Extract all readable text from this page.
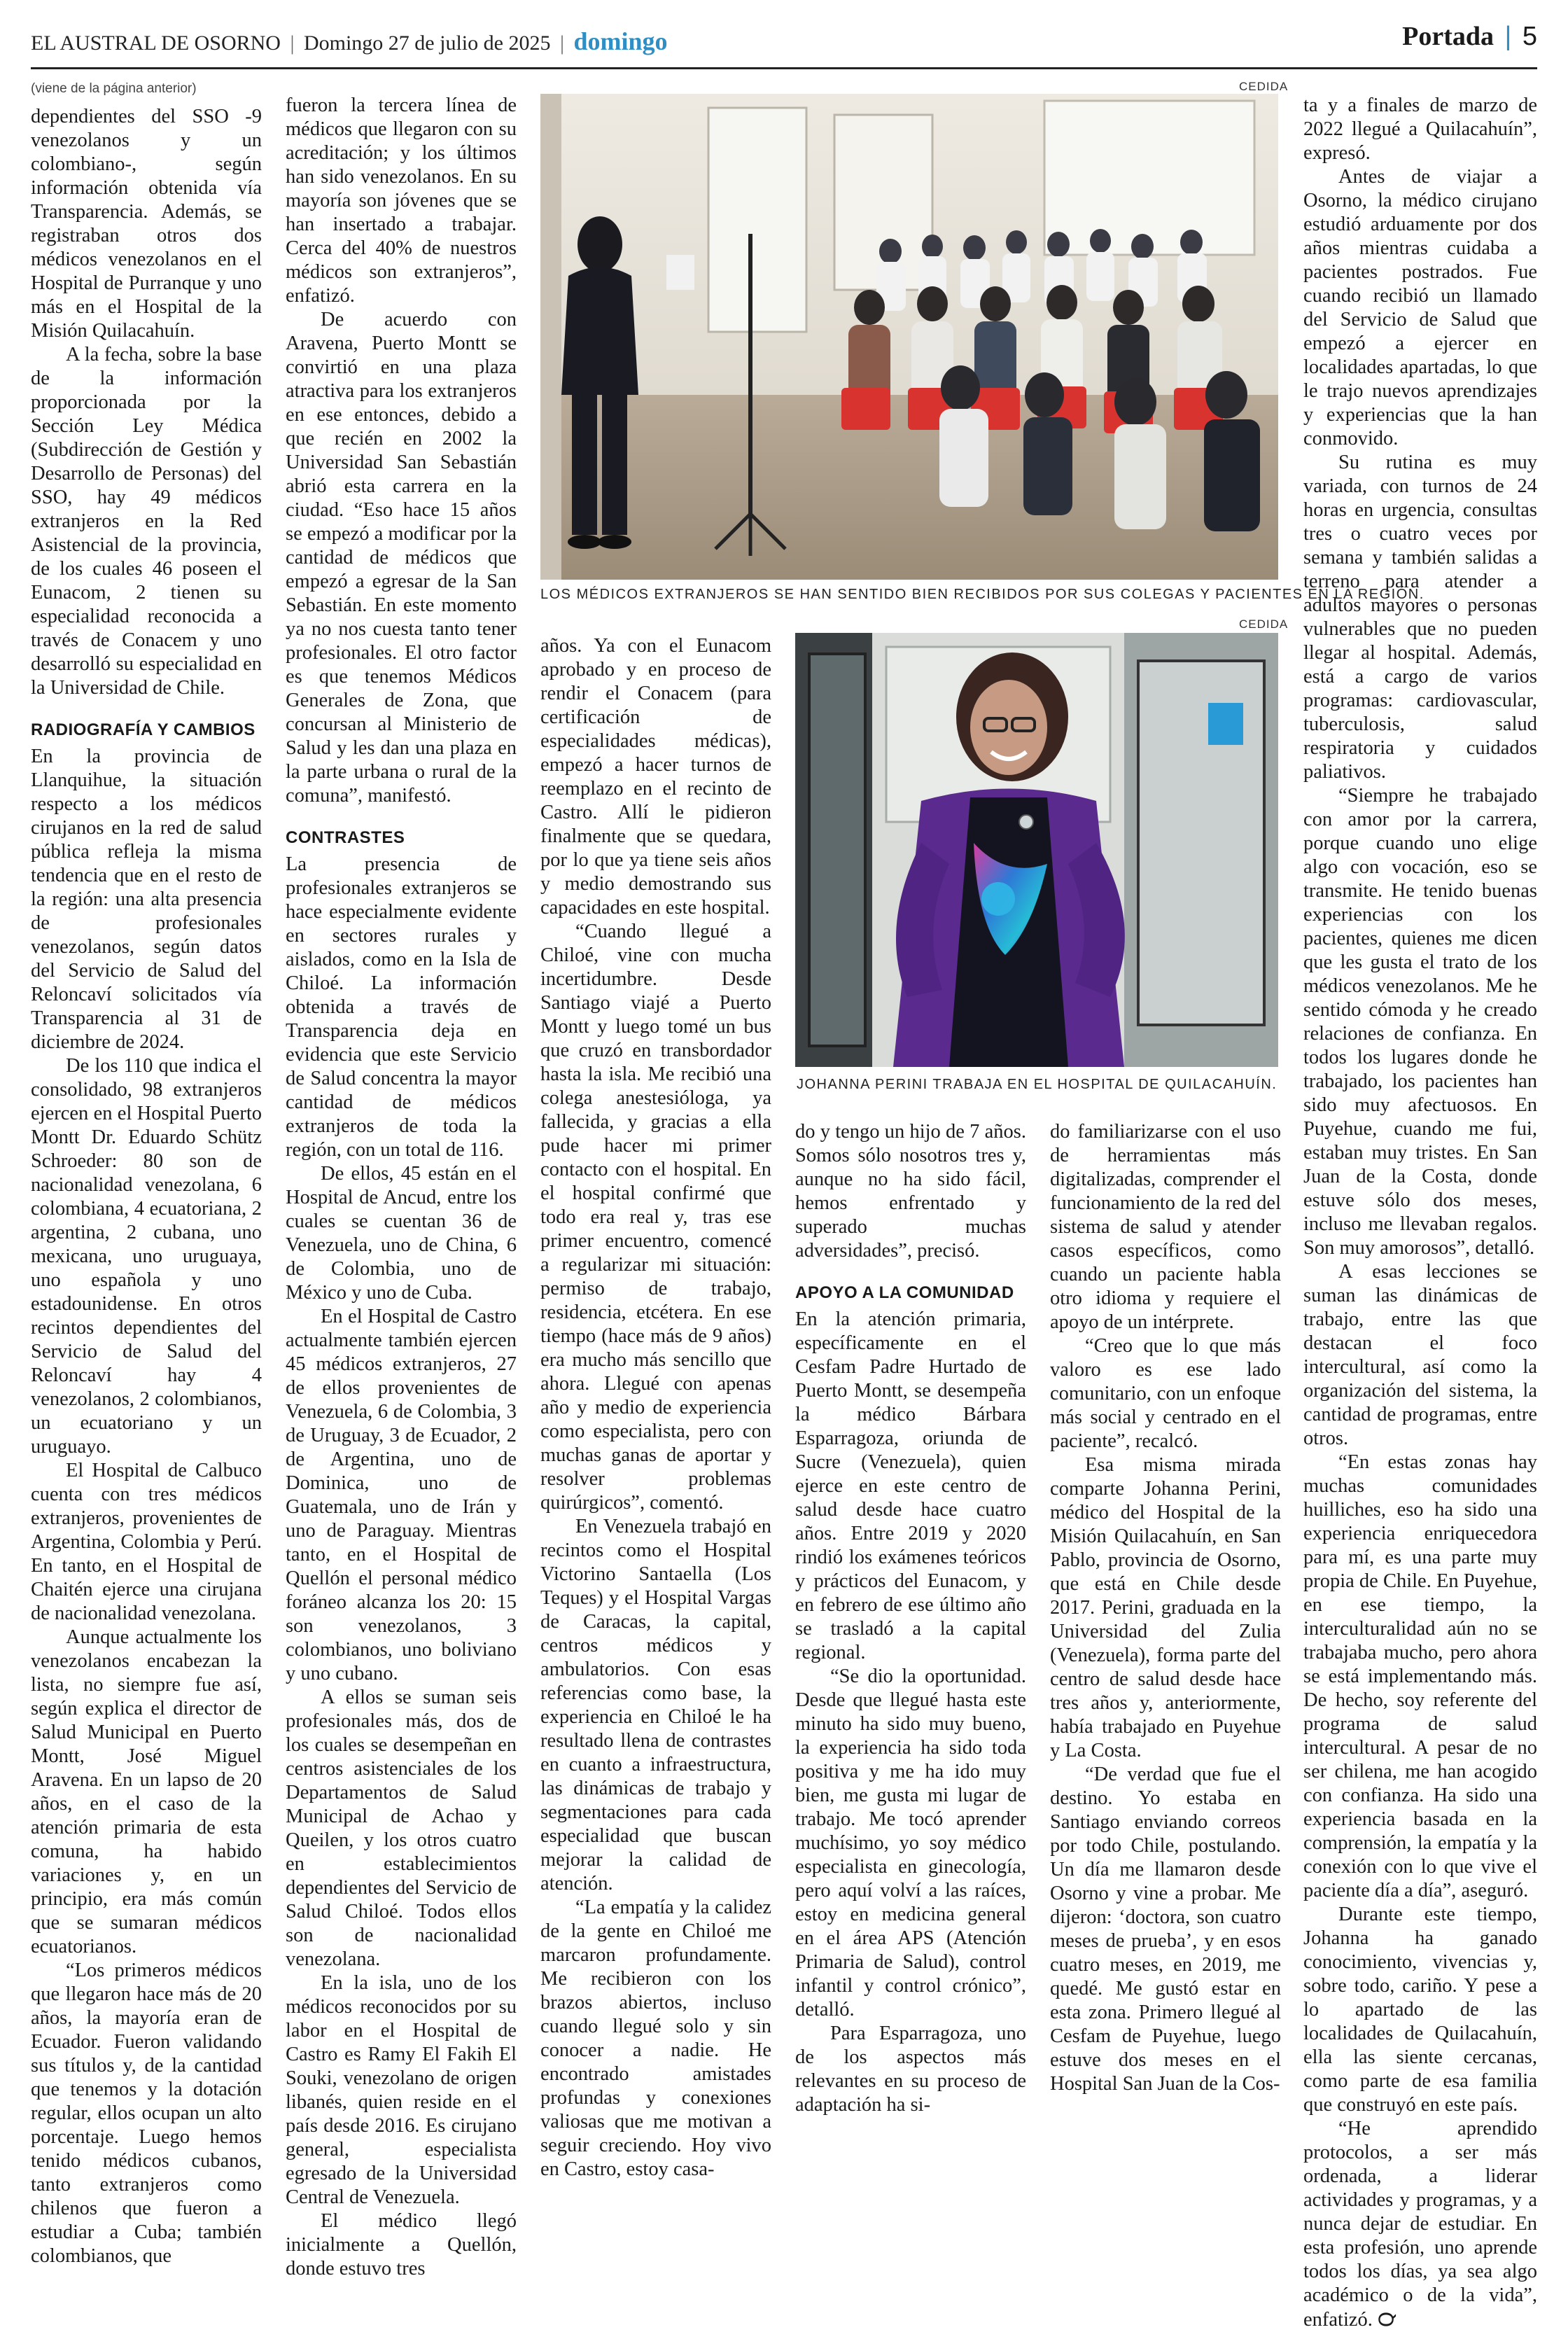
EL AUSTRAL DE OSORNO | Domingo 27 de julio de 2025 | domingo	Portada | 5
(viene de la página anterior)

dependientes del SSO -9 venezolanos y un colombiano-, según información obtenida vía Transparencia. Además, se registraban otros dos médicos venezolanos en el Hospital de Purranque y uno más en el Hospital de la Misión Quilacahuín.

A la fecha, sobre la base de la información proporcionada por la Sección Ley Médica (Subdirección de Gestión y Desarrollo de Personas) del SSO, hay 49 médicos extranjeros en la Red Asistencial de la provincia, de los cuales 46 poseen el Eunacom, 2 tienen su especialidad reconocida a través de Conacem y uno desarrolló su especialidad en la Universidad de Chile.

RADIOGRAFÍA Y CAMBIOS

En la provincia de Llanquihue, la situación respecto a los médicos cirujanos en la red de salud pública refleja la misma tendencia que en el resto de la región: una alta presencia de profesionales venezolanos, según datos del Servicio de Salud del Reloncaví solicitados vía Transparencia al 31 de diciembre de 2024.

De los 110 que indica el consolidado, 98 extranjeros ejercen en el Hospital Puerto Montt Dr. Eduardo Schütz Schroeder: 80 son de nacionalidad venezolana, 6 colombiana, 4 ecuatoriana, 2 argentina, 2 cubana, uno mexicana, uno uruguaya, uno española y uno estadounidense. En otros recintos dependientes del Servicio de Salud del Reloncaví hay 4 venezolanos, 2 colombianos, un ecuatoriano y un uruguayo.

El Hospital de Calbuco cuenta con tres médicos extranjeros, provenientes de Argentina, Colombia y Perú. En tanto, en el Hospital de Chaitén ejerce una cirujana de nacionalidad venezolana.

Aunque actualmente los venezolanos encabezan la lista, no siempre fue así, según explica el director de Salud Municipal en Puerto Montt, José Miguel Aravena. En un lapso de 20 años, en el caso de la atención primaria de esta comuna, ha habido variaciones y, en un principio, era más común que se sumaran médicos ecuatorianos.

“Los primeros médicos que llegaron hace más de 20 años, la mayoría eran de Ecuador. Fueron validando sus títulos y, de la cantidad que tenemos y la dotación regular, ellos ocupan un alto porcentaje. Luego hemos tenido médicos cubanos, tanto extranjeros como chilenos que fueron a estudiar a Cuba; también colombianos, que

fueron la tercera línea de médicos que llegaron con su acreditación; y los últimos han sido venezolanos. En su mayoría son jóvenes que se han insertado a trabajar. Cerca del 40% de nuestros médicos son extranjeros”, enfatizó.

De acuerdo con Aravena, Puerto Montt se convirtió en una plaza atractiva para los extranjeros en ese entonces, debido a que recién en 2002 la Universidad San Sebastián abrió esta carrera en la ciudad. “Eso hace 15 años se empezó a modificar por la cantidad de médicos que empezó a egresar de la San Sebastián. En este momento ya no nos cuesta tanto tener profesionales. El otro factor es que tenemos Médicos Generales de Zona, que concursan al Ministerio de Salud y les dan una plaza en la parte urbana o rural de la comuna”, manifestó.

CONTRASTES

La presencia de profesionales extranjeros se hace especialmente evidente en sectores rurales y aislados, como en la Isla de Chiloé. La información obtenida a través de Transparencia deja en evidencia que este Servicio de Salud concentra la mayor cantidad de médicos extranjeros de toda la región, con un total de 116.

De ellos, 45 están en el Hospital de Ancud, entre los cuales se cuentan 36 de Venezuela, uno de China, 6 de Colombia, uno de México y uno de Cuba.

En el Hospital de Castro actualmente también ejercen 45 médicos extranjeros, 27 de ellos provenientes de Venezuela, 6 de Colombia, 3 de Uruguay, 3 de Ecuador, 2 de Argentina, uno de Dominica, uno de Guatemala, uno de Irán y uno de Paraguay. Mientras tanto, en el Hospital de Quellón el personal médico foráneo alcanza los 20: 15 son venezolanos, 3 colombianos, uno boliviano y uno cubano.

A ellos se suman seis profesionales más, dos de los cuales se desempeñan en centros asistenciales de los Departamentos de Salud Municipal de Achao y Queilen, y los otros cuatro en establecimientos dependientes del Servicio de Salud Chiloé. Todos ellos son de nacionalidad venezolana.

En la isla, uno de los médicos reconocidos por su labor en el Hospital de Castro es Ramy El Fakih El Souki, venezolano de origen libanés, quien reside en el país desde 2016. Es cirujano general, especialista egresado de la Universidad Central de Venezuela.

El médico llegó inicialmente a Quellón, donde estuvo tres

CEDIDA
LOS MÉDICOS EXTRANJEROS SE HAN SENTIDO BIEN RECIBIDOS POR SUS COLEGAS Y PACIENTES EN LA REGIÓN.

años. Ya con el Eunacom aprobado y en proceso de rendir el Conacem (para certificación de especialidades médicas), empezó a hacer turnos de reemplazo en el recinto de Castro. Allí le pidieron finalmente que se quedara, por lo que ya tiene seis años y medio demostrando sus capacidades en este hospital.

“Cuando llegué a Chiloé, vine con mucha incertidumbre. Desde Santiago viajé a Puerto Montt y luego tomé un bus que cruzó en transbordador hasta la isla. Me recibió una colega anestesióloga, ya fallecida, y gracias a ella pude hacer mi primer contacto con el hospital. En el hospital confirmé que todo era real y, tras ese primer encuentro, comencé a regularizar mi situación: permiso de trabajo, residencia, etcétera. En ese tiempo (hace más de 9 años) era mucho más sencillo que ahora. Llegué con apenas año y medio de experiencia como especialista, pero con muchas ganas de aportar y resolver problemas quirúrgicos”, comentó.

En Venezuela trabajó en recintos como el Hospital Victorino Santaella (Los Teques) y el Hospital Vargas de Caracas, la capital, centros médicos y ambulatorios. Con esas referencias como base, la experiencia en Chiloé le ha resultado llena de contrastes en cuanto a infraestructura, las dinámicas de trabajo y segmentaciones para cada especialidad que buscan mejorar la calidad de atención.

“La empatía y la calidez de la gente en Chiloé me marcaron profundamente. Me recibieron con los brazos abiertos, incluso cuando llegué solo y sin conocer a nadie. He encontrado amistades profundas y conexiones valiosas que me motivan a seguir creciendo. Hoy vivo en Castro, estoy casa-

CEDIDA
JOHANNA PERINI TRABAJA EN EL HOSPITAL DE QUILACAHUÍN.

do y tengo un hijo de 7 años. Somos sólo nosotros tres y, aunque no ha sido fácil, hemos enfrentado y superado muchas adversidades”, precisó.

APOYO A LA COMUNIDAD

En la atención primaria, específicamente en el Cesfam Padre Hurtado de Puerto Montt, se desempeña la médico Bárbara Esparragoza, oriunda de Sucre (Venezuela), quien ejerce en este centro de salud desde hace cuatro años. Entre 2019 y 2020 rindió los exámenes teóricos y prácticos del Eunacom, y en febrero de ese último año se trasladó a la capital regional.

“Se dio la oportunidad. Desde que llegué hasta este minuto ha sido muy bueno, la experiencia ha sido toda positiva y me ha ido muy bien, me gusta mi lugar de trabajo. Me tocó aprender muchísimo, yo soy médico especialista en ginecología, pero aquí volví a las raíces, estoy en medicina general en el área APS (Atención Primaria de Salud), control infantil y control crónico”, detalló.

Para Esparragoza, uno de los aspectos más relevantes en su proceso de adaptación ha si-

do familiarizarse con el uso de herramientas más digitalizadas, comprender el funcionamiento de la red del sistema de salud y atender casos específicos, como cuando un paciente habla otro idioma y requiere el apoyo de un intérprete.

“Creo que lo que más valoro es ese lado comunitario, con un enfoque más social y centrado en el paciente”, recalcó.

Esa misma mirada comparte Johanna Perini, médico del Hospital de la Misión Quilacahuín, en San Pablo, provincia de Osorno, que está en Chile desde 2017. Perini, graduada en la Universidad del Zulia (Venezuela), forma parte del centro de salud desde hace tres años y, anteriormente, había trabajado en Puyehue y La Costa.

“De verdad que fue el destino. Yo estaba en Santiago enviando correos por todo Chile, postulando. Un día me llamaron desde Osorno y vine a probar. Me dijeron: ‘doctora, son cuatro meses de prueba’, y en esos cuatro meses, en 2019, me quedé. Me gustó estar en esta zona. Primero llegué al Cesfam de Puyehue, luego estuve dos meses en el Hospital San Juan de la Cos-

ta y a finales de marzo de 2022 llegué a Quilacahuín”, expresó.

Antes de viajar a Osorno, la médico cirujano estudió arduamente por dos años mientras cuidaba a pacientes postrados. Fue cuando recibió un llamado del Servicio de Salud que empezó a ejercer en localidades apartadas, lo que le trajo nuevos aprendizajes y experiencias que la han conmovido.

Su rutina es muy variada, con turnos de 24 horas en urgencia, consultas tres o cuatro veces por semana y también salidas a terreno para atender a adultos mayores o personas vulnerables que no pueden llegar al hospital. Además, está a cargo de varios programas: cardiovascular, tuberculosis, salud respiratoria y cuidados paliativos.

“Siempre he trabajado con amor por la carrera, porque cuando uno elige algo con vocación, eso se transmite. He tenido buenas experiencias con los pacientes, quienes me dicen que les gusta el trato de los médicos venezolanos. Me he sentido cómoda y he creado relaciones de confianza. En todos los lugares donde he trabajado, los pacientes han sido muy afectuosos. En Puyehue, cuando me fui, estaban muy tristes. En San Juan de la Costa, donde estuve sólo dos meses, incluso me llevaban regalos. Son muy amorosos”, detalló.

A esas lecciones se suman las dinámicas de trabajo, entre las que destacan el foco intercultural, así como la organización del sistema, la cantidad de programas, entre otros.

“En estas zonas hay muchas comunidades huilliches, eso ha sido una experiencia enriquecedora para mí, es una parte muy propia de Chile. En Puyehue, en ese tiempo, la interculturalidad aún no se trabajaba mucho, pero ahora se está implementando más. De hecho, soy referente del programa de salud intercultural. A pesar de no ser chilena, me han acogido con confianza. Ha sido una experiencia basada en la comprensión, la empatía y la conexión con lo que vive el paciente día a día”, aseguró.

Durante este tiempo, Johanna ha ganado conocimiento, vivencias y, sobre todo, cariño. Y pese a lo apartado de las localidades de Quilacahuín, ella las siente cercanas, como parte de esa familia que construyó en este país.

“He aprendido protocolos, a ser más ordenada, a liderar actividades y programas, y a nunca dejar de estudiar. En esta profesión, uno aprende todos los días, ya sea algo académico o de la vida”, enfatizó. ℺
